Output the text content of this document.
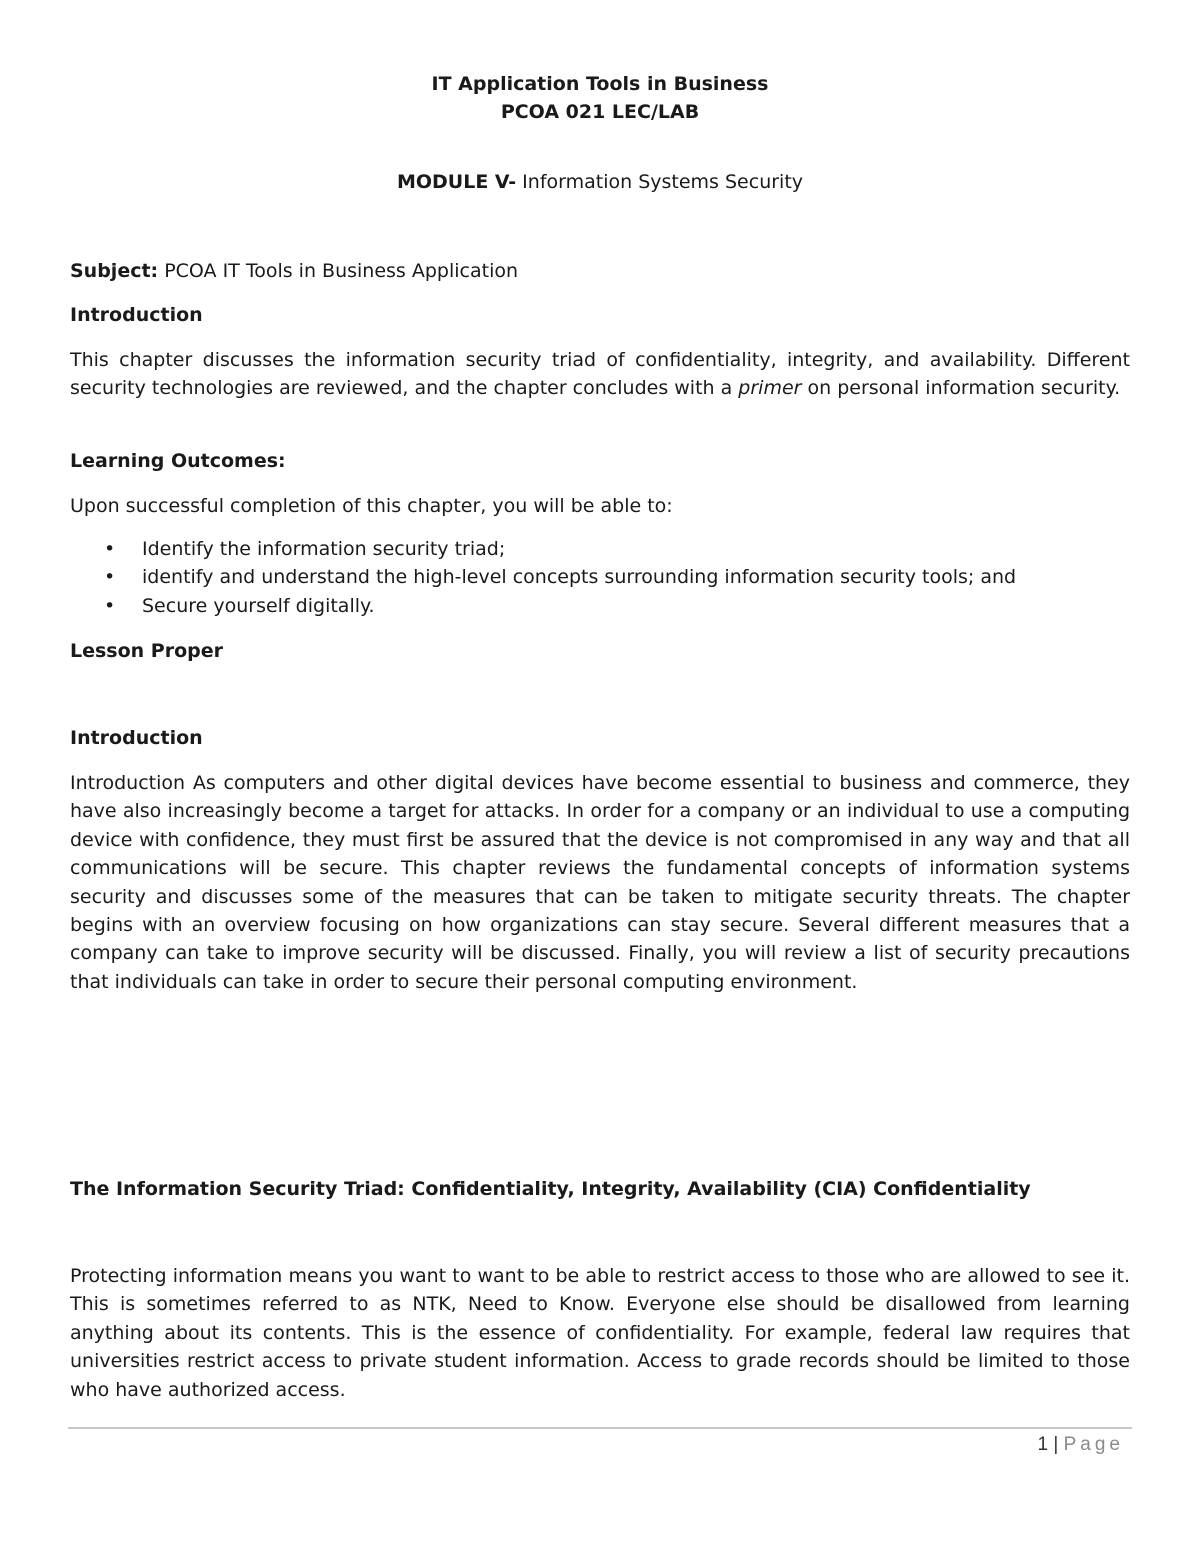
IT Application Tools in Business
PCOA 021 LEC/LAB
MODULE V- Information Systems Security
Subject: PCOA IT Tools in Business Application
Introduction
This chapter discusses the information security triad of confidentiality, integrity, and availability. Different security technologies are reviewed, and the chapter concludes with a primer on personal information security.
Learning Outcomes:
Upon successful completion of this chapter, you will be able to:
• Identify the information security triad;
• identify and understand the high-level concepts surrounding information security tools; and
• Secure yourself digitally.
Lesson Proper
Introduction
Introduction As computers and other digital devices have become essential to business and commerce, they have also increasingly become a target for attacks. In order for a company or an individual to use a computing device with confidence, they must first be assured that the device is not compromised in any way and that all communications will be secure. This chapter reviews the fundamental concepts of information systems security and discusses some of the measures that can be taken to mitigate security threats. The chapter begins with an overview focusing on how organizations can stay secure. Several different measures that a company can take to improve security will be discussed. Finally, you will review a list of security precautions that individuals can take in order to secure their personal computing environment.
The Information Security Triad: Confidentiality, Integrity, Availability (CIA) Confidentiality
Protecting information means you want to want to be able to restrict access to those who are allowed to see it. This is sometimes referred to as NTK, Need to Know. Everyone else should be disallowed from learning anything about its contents. This is the essence of confidentiality. For example, federal law requires that universities restrict access to private student information. Access to grade records should be limited to those who have authorized access.
1 | Page
